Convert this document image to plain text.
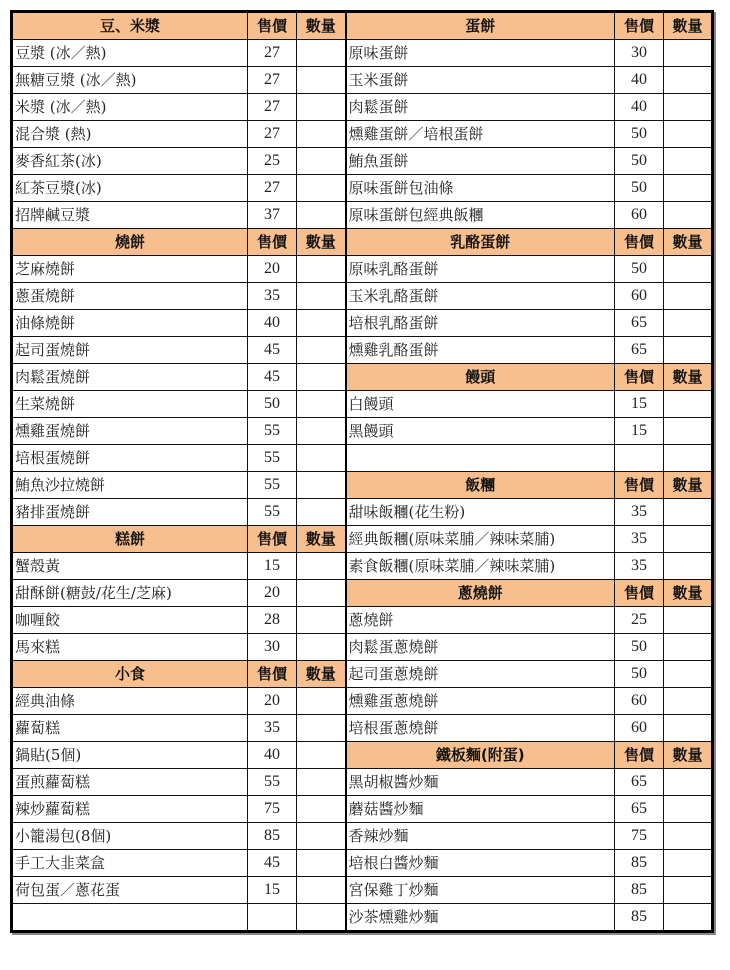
豆、米漿	售價	數量	蛋餅	售價	數量
豆漿 (冰／熱)	27		原味蛋餅	30	
無糖豆漿 (冰／熱)	27		玉米蛋餅	40	
米漿 (冰／熱)	27		肉鬆蛋餅	40	
混合漿 (熱)	27		燻雞蛋餅／培根蛋餅	50	
麥香紅茶(冰)	25		鮪魚蛋餅	50	
紅茶豆漿(冰)	27		原味蛋餅包油條	50	
招牌鹹豆漿	37		原味蛋餅包經典飯糰	60	
燒餅	售價	數量	乳酪蛋餅	售價	數量
芝麻燒餅	20		原味乳酪蛋餅	50	
蔥蛋燒餅	35		玉米乳酪蛋餅	60	
油條燒餅	40		培根乳酪蛋餅	65	
起司蛋燒餅	45		燻雞乳酪蛋餅	65	
肉鬆蛋燒餅	45		饅頭	售價	數量
生菜燒餅	50		白饅頭	15	
燻雞蛋燒餅	55		黑饅頭	15	
培根蛋燒餅	55				
鮪魚沙拉燒餅	55		飯糰	售價	數量
豬排蛋燒餅	55		甜味飯糰(花生粉)	35	
糕餅	售價	數量	經典飯糰(原味菜脯／辣味菜脯)	35	
蟹殼黃	15		素食飯糰(原味菜脯／辣味菜脯)	35	
甜酥餅(糖鼓/花生/芝麻)	20		蔥燒餅	售價	數量
咖喱餃	28		蔥燒餅	25	
馬來糕	30		肉鬆蛋蔥燒餅	50	
小食	售價	數量	起司蛋蔥燒餅	50	
經典油條	20		燻雞蛋蔥燒餅	60	
蘿蔔糕	35		培根蛋蔥燒餅	60	
鍋貼(5個)	40		鐵板麵(附蛋)	售價	數量
蛋煎蘿蔔糕	55		黑胡椒醬炒麵	65	
辣炒蘿蔔糕	75		蘑菇醬炒麵	65	
小籠湯包(8個)	85		香辣炒麵	75	
手工大韭菜盒	45		培根白醬炒麵	85	
荷包蛋／蔥花蛋	15		宮保雞丁炒麵	85	
			沙茶燻雞炒麵	85	
